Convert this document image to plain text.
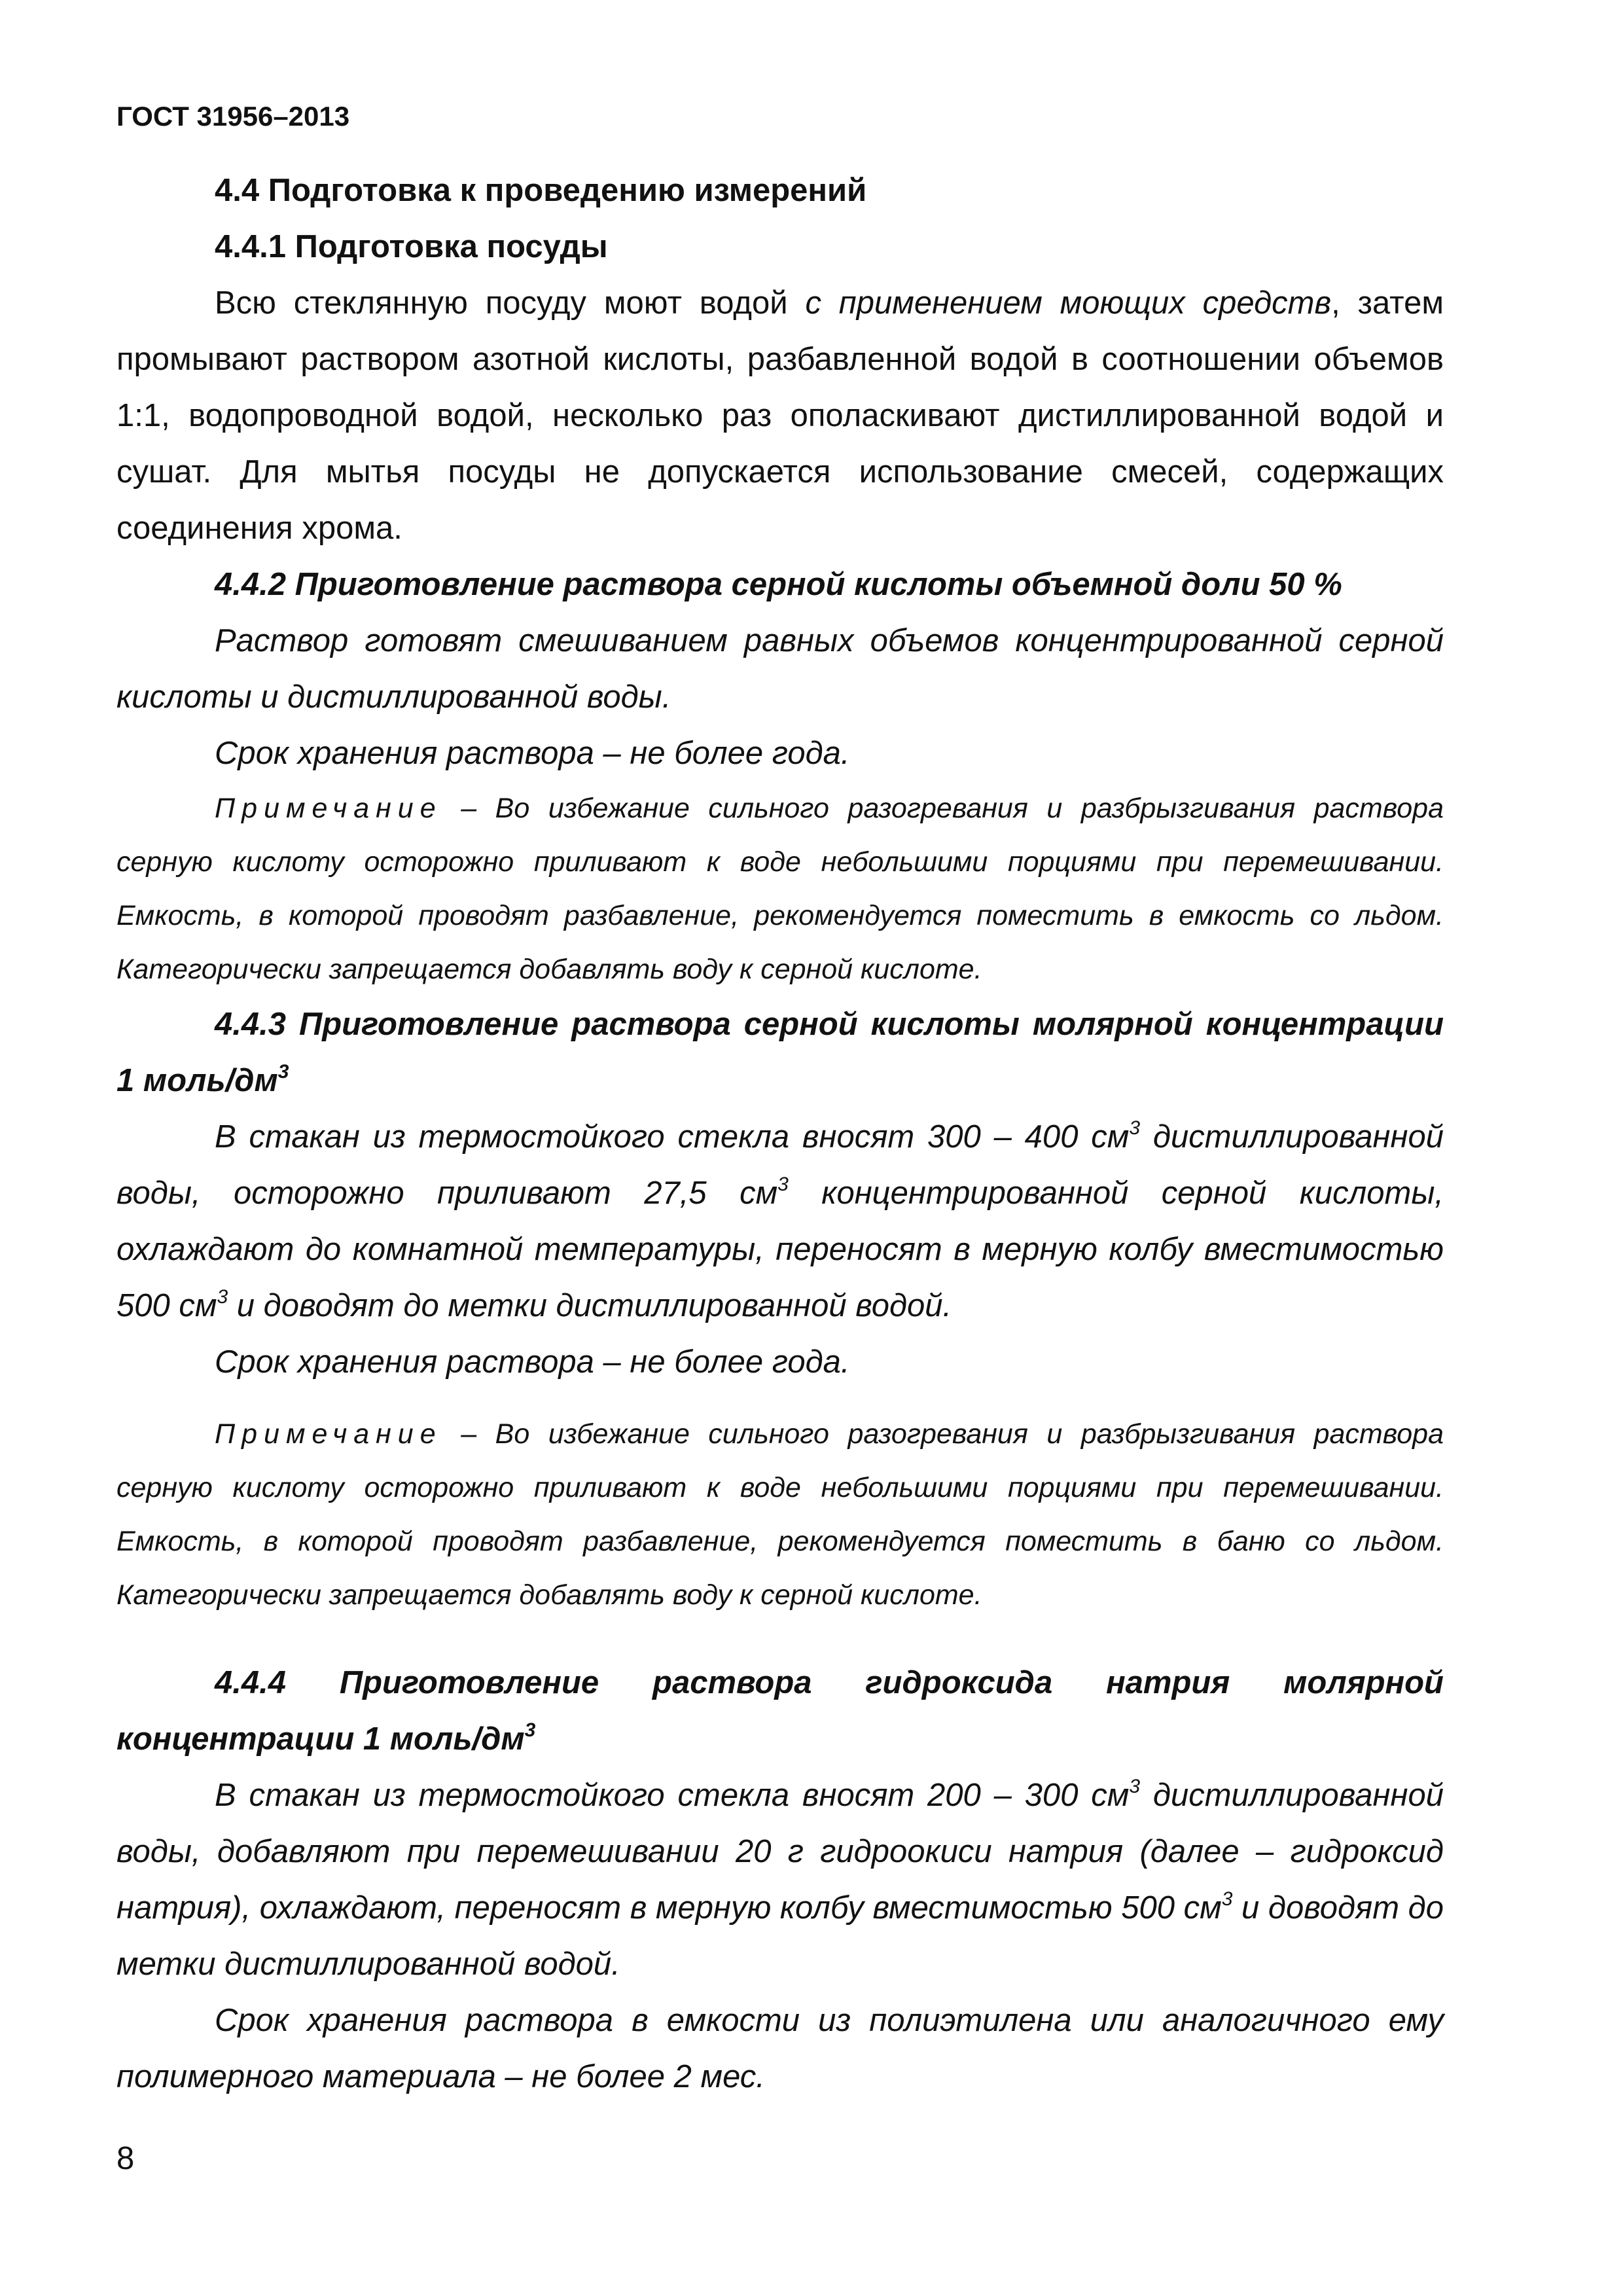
ГОСТ 31956–2013

4.4 Подготовка к проведению измерений

4.4.1 Подготовка посуды

Всю стеклянную посуду моют водой с применением моющих средств, затем промывают раствором азотной кислоты, разбавленной водой в соотношении объемов 1:1, водопроводной водой, несколько раз ополаскивают дистиллированной водой и сушат. Для мытья посуды не допускается использование смесей, содержащих соединения хрома.

4.4.2 Приготовление раствора серной кислоты объемной доли 50 %

Раствор готовят смешиванием равных объемов концентрированной серной кислоты и дистиллированной воды.

Срок хранения раствора – не более года.

Примечание – Во избежание сильного разогревания и разбрызгивания раствора серную кислоту осторожно приливают к воде небольшими порциями при перемешивании. Емкость, в которой проводят разбавление, рекомендуется поместить в емкость со льдом. Категорически запрещается добавлять воду к серной кислоте.

4.4.3 Приготовление раствора серной кислоты молярной концентрации 1 моль/$дм^3$

В стакан из термостойкого стекла вносят 300 – 400 $см^3$ дистиллированной воды, осторожно приливают 27,5 $см^3$ концентрированной серной кислоты, охлаждают до комнатной температуры, переносят в мерную колбу вместимостью 500 $см^3$ и доводят до метки дистиллированной водой.

Срок хранения раствора – не более года.

Примечание – Во избежание сильного разогревания и разбрызгивания раствора серную кислоту осторожно приливают к воде небольшими порциями при перемешивании. Емкость, в которой проводят разбавление, рекомендуется поместить в баню со льдом. Категорически запрещается добавлять воду к серной кислоте.

4.4.4 Приготовление раствора гидроксида натрия молярной концентрации 1 моль/$дм^3$

В стакан из термостойкого стекла вносят 200 – 300 $см^3$ дистиллированной воды, добавляют при перемешивании 20 г гидроокиси натрия (далее – гидроксид натрия), охлаждают, переносят в мерную колбу вместимостью 500 $см^3$ и доводят до метки дистиллированной водой.

Срок хранения раствора в емкости из полиэтилена или аналогичного ему полимерного материала – не более 2 мес.

8
